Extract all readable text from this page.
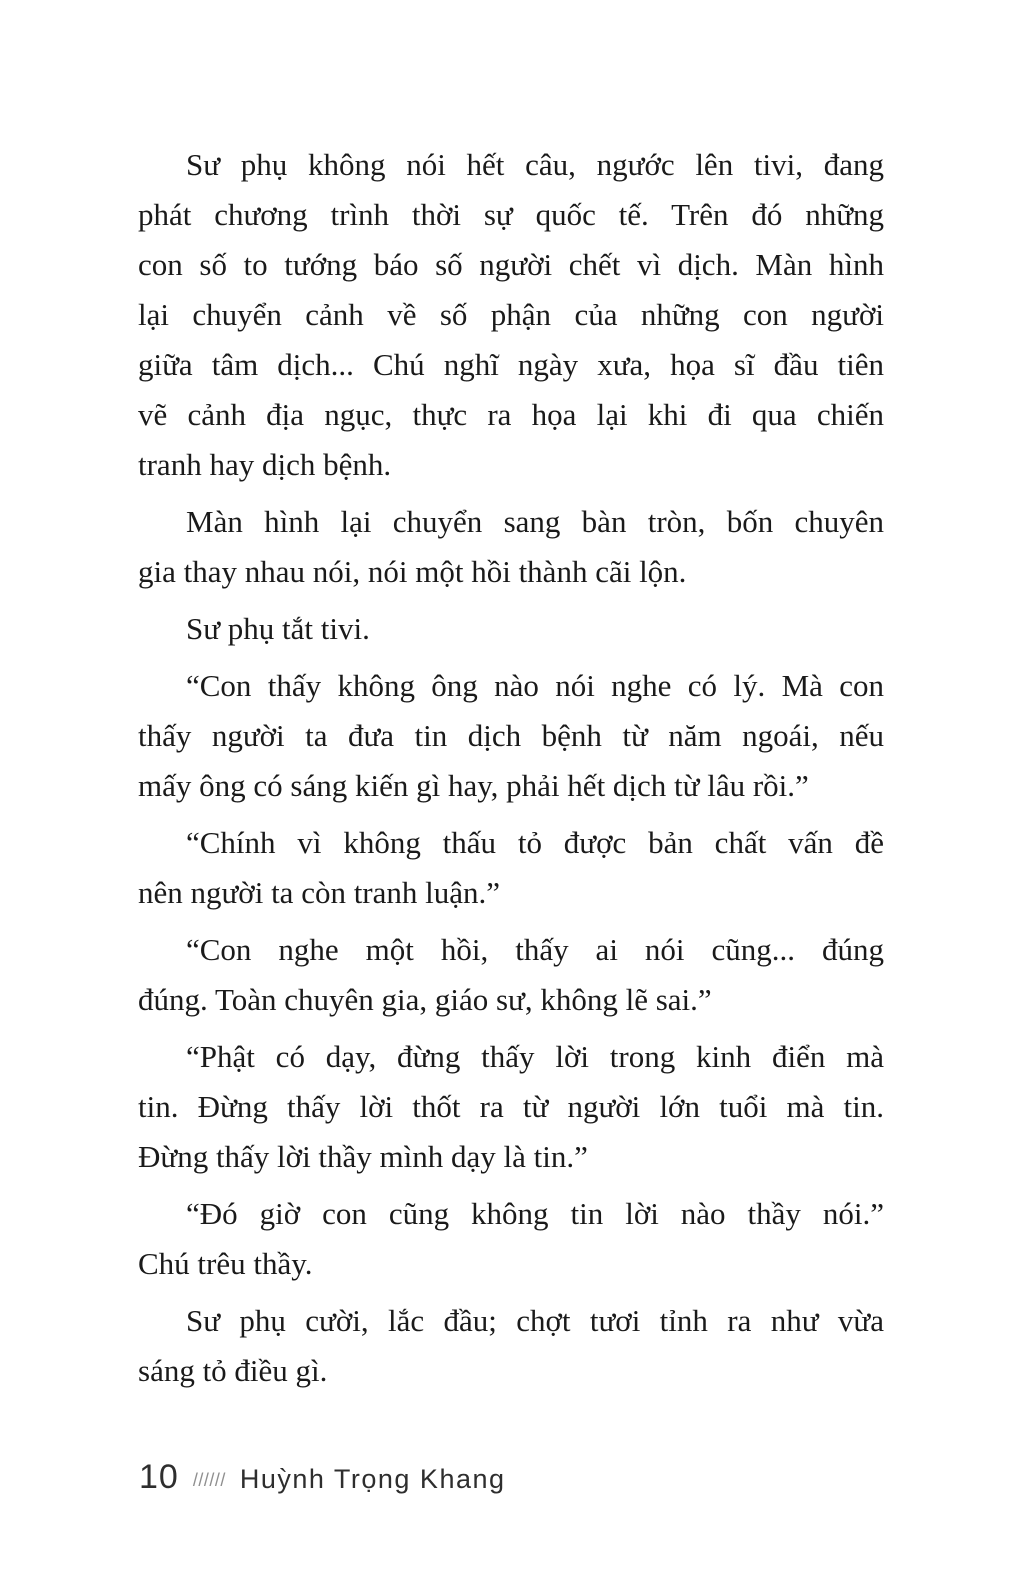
Sư phụ không nói hết câu, ngước lên tivi, đang
phát chương trình thời sự quốc tế. Trên đó những
con số to tướng báo số người chết vì dịch. Màn hình
lại chuyển cảnh về số phận của những con người
giữa tâm dịch... Chú nghĩ ngày xưa, họa sĩ đầu tiên
vẽ cảnh địa ngục, thực ra họa lại khi đi qua chiến
tranh hay dịch bệnh.
Màn hình lại chuyển sang bàn tròn, bốn chuyên
gia thay nhau nói, nói một hồi thành cãi lộn.
Sư phụ tắt tivi.
“Con thấy không ông nào nói nghe có lý. Mà con
thấy người ta đưa tin dịch bệnh từ năm ngoái, nếu
mấy ông có sáng kiến gì hay, phải hết dịch từ lâu rồi.”
“Chính vì không thấu tỏ được bản chất vấn đề
nên người ta còn tranh luận.”
“Con nghe một hồi, thấy ai nói cũng... đúng
đúng. Toàn chuyên gia, giáo sư, không lẽ sai.”
“Phật có dạy, đừng thấy lời trong kinh điển mà
tin. Đừng thấy lời thốt ra từ người lớn tuổi mà tin.
Đừng thấy lời thầy mình dạy là tin.”
“Đó giờ con cũng không tin lời nào thầy nói.”
Chú trêu thầy.
Sư phụ cười, lắc đầu; chợt tươi tỉnh ra như vừa
sáng tỏ điều gì.
10 ////// Huỳnh Trọng Khang
